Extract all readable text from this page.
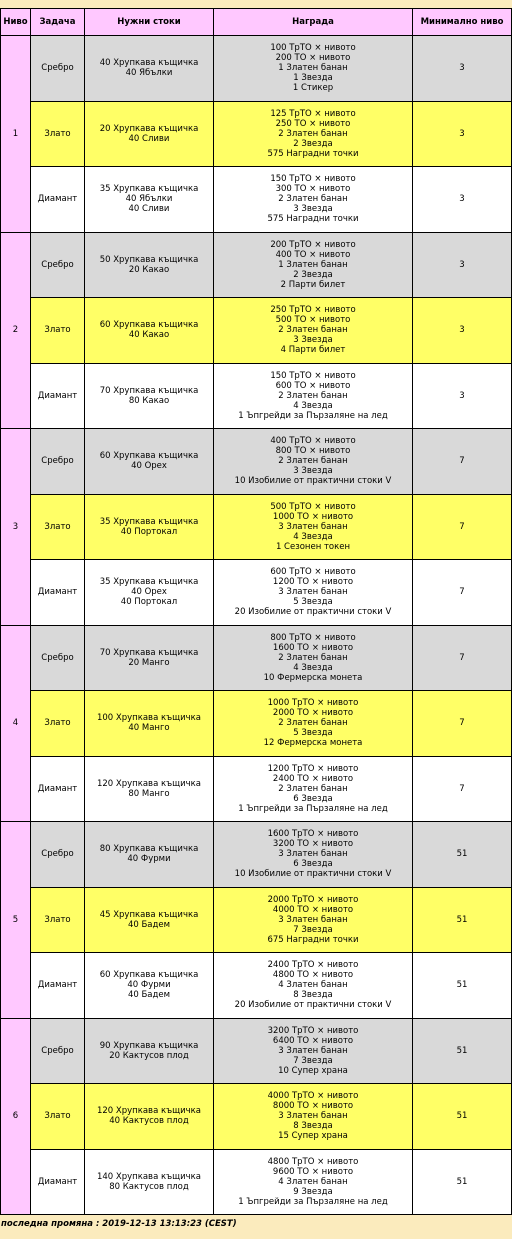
Ниво	Задача	Нужни стоки	Награда	Минимално ниво
1	Сребро	40 Хрупкава къщичка
40 Ябълки	100 ТрТО × нивото
200 ТО × нивото
1 Златен банан
1 Звезда
1 Стикер	3
	Злато	20 Хрупкава къщичка
40 Сливи	125 ТрТО × нивото
250 ТО × нивото
2 Златен банан
2 Звезда
575 Наградни точки	3
	Диамант	35 Хрупкава къщичка
40 Ябълки
40 Сливи	150 ТрТО × нивото
300 ТО × нивото
2 Златен банан
3 Звезда
575 Наградни точки	3
2	Сребро	50 Хрупкава къщичка
20 Какао	200 ТрТО × нивото
400 ТО × нивото
1 Златен банан
2 Звезда
2 Парти билет	3
	Злато	60 Хрупкава къщичка
40 Какао	250 ТрТО × нивото
500 ТО × нивото
2 Златен банан
3 Звезда
4 Парти билет	3
	Диамант	70 Хрупкава къщичка
80 Какао	150 ТрТО × нивото
600 ТО × нивото
2 Златен банан
4 Звезда
1 Ъпгрейди за Пързаляне на лед	3
3	Сребро	60 Хрупкава къщичка
40 Орех	400 ТрТО × нивото
800 ТО × нивото
2 Златен банан
3 Звезда
10 Изобилие от практични стоки V	7
	Злато	35 Хрупкава къщичка
40 Портокал	500 ТрТО × нивото
1000 ТО × нивото
3 Златен банан
4 Звезда
1 Сезонен токен	7
	Диамант	35 Хрупкава къщичка
40 Орех
40 Портокал	600 ТрТО × нивото
1200 ТО × нивото
3 Златен банан
5 Звезда
20 Изобилие от практични стоки V	7
4	Сребро	70 Хрупкава къщичка
20 Манго	800 ТрТО × нивото
1600 ТО × нивото
2 Златен банан
4 Звезда
10 Фермерска монета	7
	Злато	100 Хрупкава къщичка
40 Манго	1000 ТрТО × нивото
2000 ТО × нивото
2 Златен банан
5 Звезда
12 Фермерска монета	7
	Диамант	120 Хрупкава къщичка
80 Манго	1200 ТрТО × нивото
2400 ТО × нивото
2 Златен банан
6 Звезда
1 Ъпгрейди за Пързаляне на лед	7
5	Сребро	80 Хрупкава къщичка
40 Фурми	1600 ТрТО × нивото
3200 ТО × нивото
3 Златен банан
6 Звезда
10 Изобилие от практични стоки V	51
	Злато	45 Хрупкава къщичка
40 Бадем	2000 ТрТО × нивото
4000 ТО × нивото
3 Златен банан
7 Звезда
675 Наградни точки	51
	Диамант	60 Хрупкава къщичка
40 Фурми
40 Бадем	2400 ТрТО × нивото
4800 ТО × нивото
4 Златен банан
8 Звезда
20 Изобилие от практични стоки V	51
6	Сребро	90 Хрупкава къщичка
20 Кактусов плод	3200 ТрТО × нивото
6400 ТО × нивото
3 Златен банан
7 Звезда
10 Супер храна	51
	Злато	120 Хрупкава къщичка
40 Кактусов плод	4000 ТрТО × нивото
8000 ТО × нивото
3 Златен банан
8 Звезда
15 Супер храна	51
	Диамант	140 Хрупкава къщичка
80 Кактусов плод	4800 ТрТО × нивото
9600 ТО × нивото
4 Златен банан
9 Звезда
1 Ъпгрейди за Пързаляне на лед	51
последна промяна : 2019-12-13 13:13:23 (CEST)
